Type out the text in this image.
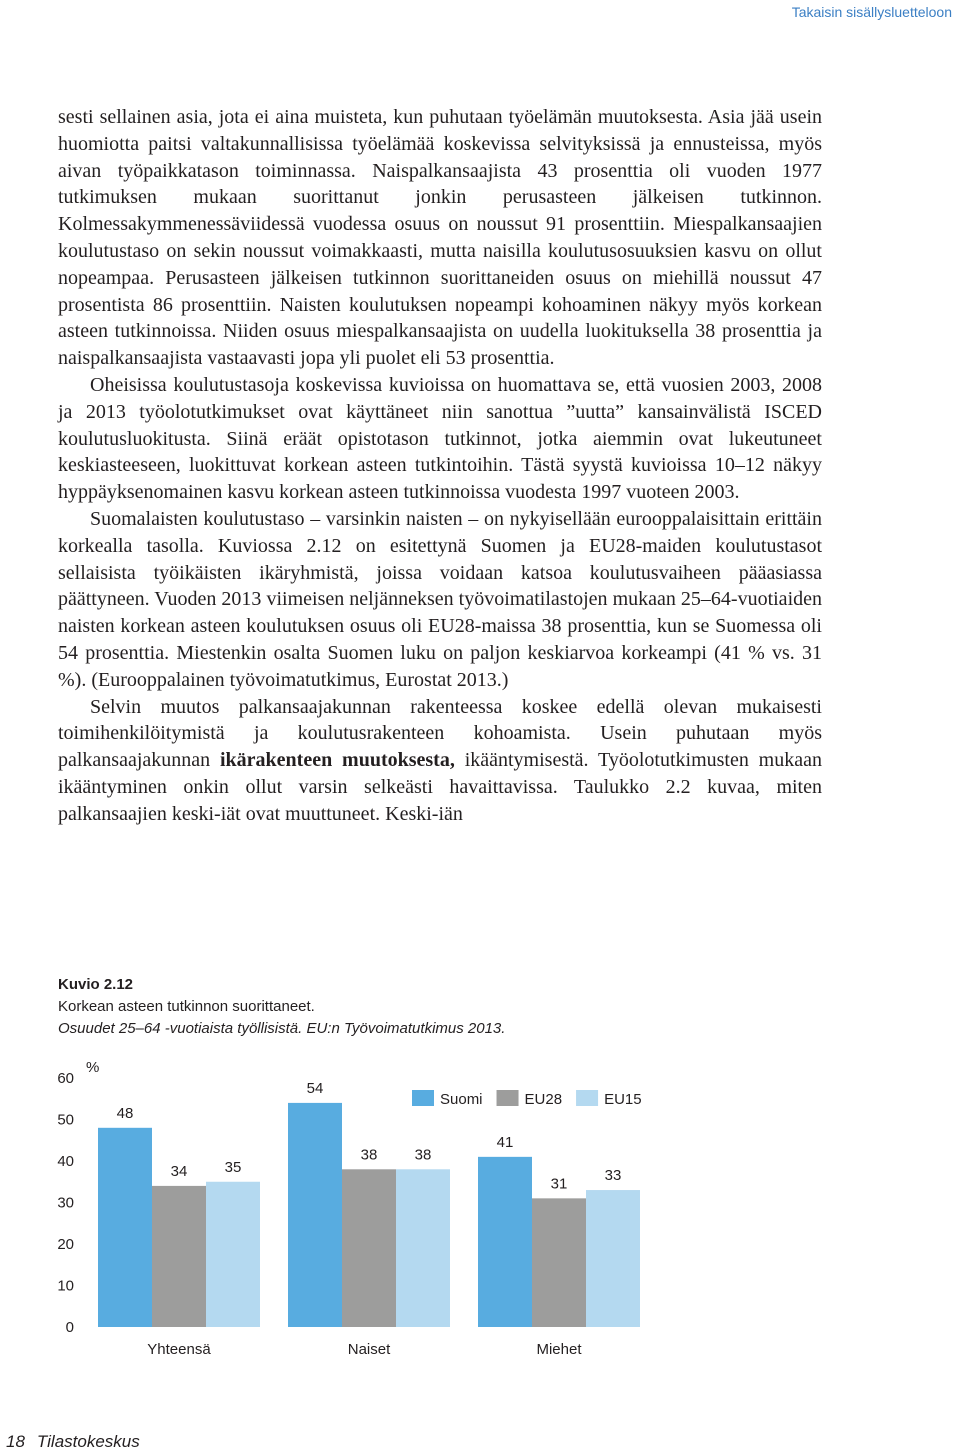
Takaisin sisällysluetteloon

sesti sellainen asia, jota ei aina muisteta, kun puhutaan työelämän muutoksesta. Asia jää usein huomiotta paitsi valtakunnallisissa työelämää koskevissa selvityksissä ja ennusteissa, myös aivan työpaikkatason toiminnassa. Naispalkansaajista 43 prosenttia oli vuoden 1977 tutkimuksen mukaan suorittanut jonkin perusasteen jälkeisen tutkinnon. Kolmessakymmenessäviidessä vuodessa osuus on noussut 91 prosenttiin. Miespalkansaajien koulutustaso on sekin noussut voimakkaasti, mutta naisilla koulutusosuuksien kasvu on ollut nopeampaa. Perusasteen jälkeisen tutkinnon suorittaneiden osuus on miehillä noussut 47 prosentista 86 prosenttiin. Naisten koulutuksen nopeampi kohoaminen näkyy myös korkean asteen tutkinnoissa. Niiden osuus miespalkansaajista on uudella luokituksella 38 prosenttia ja naispalkansaajista vastaavasti jopa yli puolet eli 53 prosenttia.

Oheisissa koulutustasoja koskevissa kuvioissa on huomattava se, että vuosien 2003, 2008 ja 2013 työolotutkimukset ovat käyttäneet niin sanottua ”uutta” kansainvälistä ISCED koulutusluokitusta. Siinä eräät opistotason tutkinnot, jotka aiemmin ovat lukeutuneet keskiasteeseen, luokittuvat korkean asteen tutkintoihin. Tästä syystä kuvioissa 10–12 näkyy hyppäyksenomainen kasvu korkean asteen tutkinnoissa vuodesta 1997 vuoteen 2003.

Suomalaisten koulutustaso – varsinkin naisten – on nykyisellään eurooppalaisittain erittäin korkealla tasolla. Kuviossa 2.12 on esitettynä Suomen ja EU28-maiden koulutustasot sellaisista työikäisten ikäryhmistä, joissa voidaan katsoa koulutusvaiheen pääasiassa päättyneen. Vuoden 2013 viimeisen neljänneksen työvoimatilastojen mukaan 25–64-vuotiaiden naisten korkean asteen koulutuksen osuus oli EU28-maissa 38 prosenttia, kun se Suomessa oli 54 prosenttia. Miestenkin osalta Suomen luku on paljon keskiarvoa korkeampi (41 % vs. 31 %). (Eurooppalainen työvoimatutkimus, Eurostat 2013.)

Selvin muutos palkansaajakunnan rakenteessa koskee edellä olevan mukaisesti toimihenkilöitymistä ja koulutusrakenteen kohoamista. Usein puhutaan myös palkansaajakunnan ikärakenteen muutoksesta, ikääntymisestä. Työolotutkimusten mukaan ikääntyminen onkin ollut varsin selkeästi havaittavissa. Taulukko 2.2 kuvaa, miten palkansaajien keski-iät ovat muuttuneet. Keski-iän

Kuvio 2.12
Korkean asteen tutkinnon suorittaneet.
Osuudet 25–64 -vuotiaista työllisistä. EU:n Työvoimatutkimus 2013.
%
0
10
20
30
40
50
60
48
34 35
54
38 38
41
31 33
Yhteensä	Naiset	Miehet
Suomi	EU28	EU15
18 Tilastokeskus
